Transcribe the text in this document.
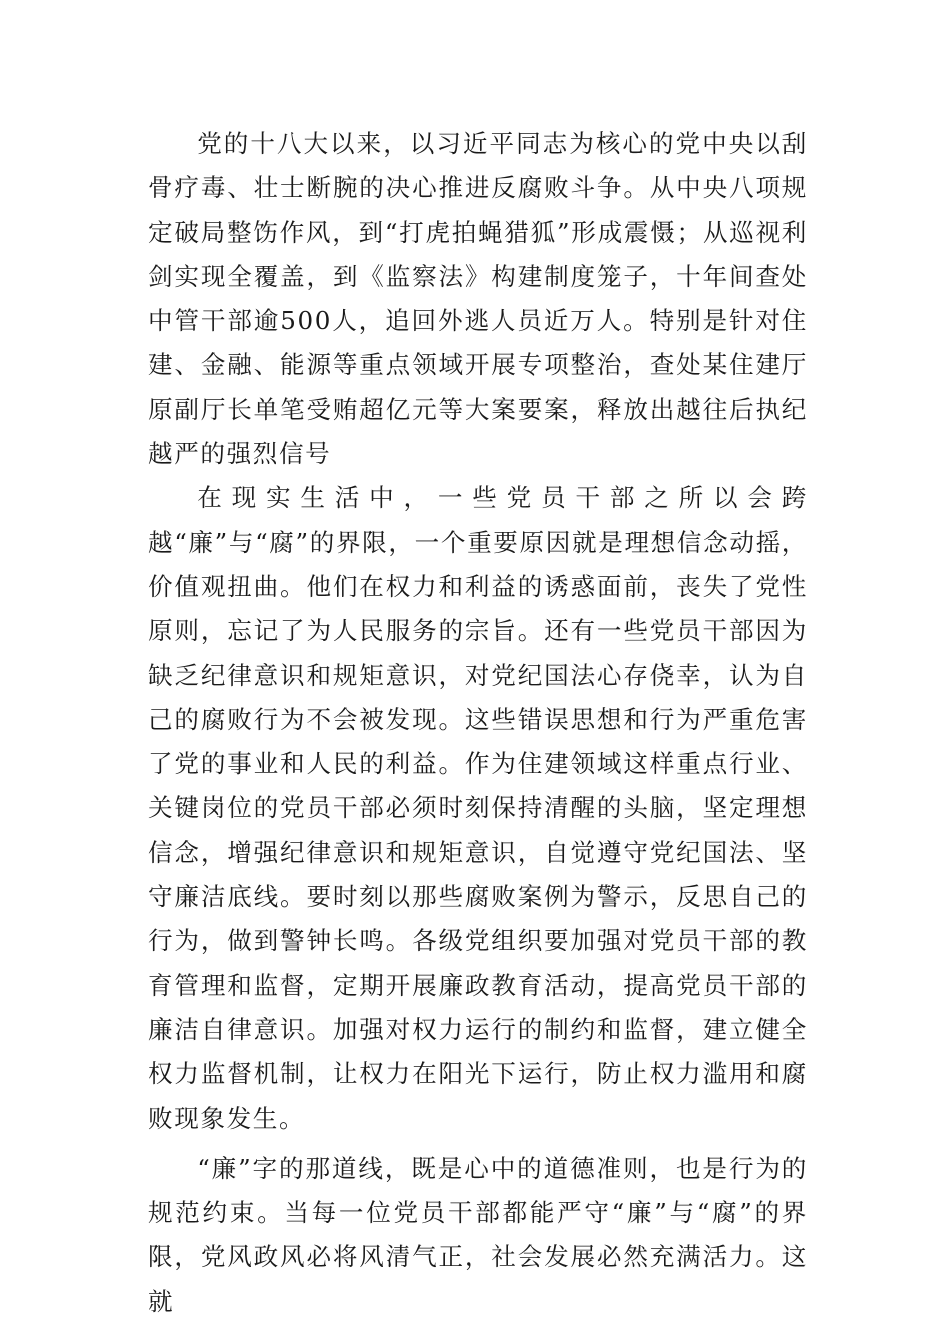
党的十八大以来，以习近平同志为核心的党中央以刮骨疗毒、壮士断腕的决心推进反腐败斗争。从中央八项规定破局整饬作风，到“打虎拍蝇猎狐”形成震慑；从巡视利剑实现全覆盖，到《监察法》构建制度笼子，十年间查处中管干部逾500人，追回外逃人员近万人。特别是针对住建、金融、能源等重点领域开展专项整治，查处某住建厅原副厅长单笔受贿超亿元等大案要案，释放出越往后执纪越严的强烈信号

在现实生活中，一些党员干部之所以会跨越“廉”与“腐”的界限，一个重要原因就是理想信念动摇，价值观扭曲。他们在权力和利益的诱惑面前，丧失了党性原则，忘记了为人民服务的宗旨。还有一些党员干部因为缺乏纪律意识和规矩意识，对党纪国法心存侥幸，认为自己的腐败行为不会被发现。这些错误思想和行为严重危害了党的事业和人民的利益。作为住建领域这样重点行业、关键岗位的党员干部必须时刻保持清醒的头脑，坚定理想信念，增强纪律意识和规矩意识，自觉遵守党纪国法、坚守廉洁底线。要时刻以那些腐败案例为警示，反思自己的行为，做到警钟长鸣。各级党组织要加强对党员干部的教育管理和监督，定期开展廉政教育活动，提高党员干部的廉洁自律意识。加强对权力运行的制约和监督，建立健全权力监督机制，让权力在阳光下运行，防止权力滥用和腐败现象发生。

“廉”字的那道线，既是心中的道德准则，也是行为的规范约束。当每一位党员干部都能严守“廉”与“腐”的界限，党风政风必将风清气正，社会发展必然充满活力。这就
